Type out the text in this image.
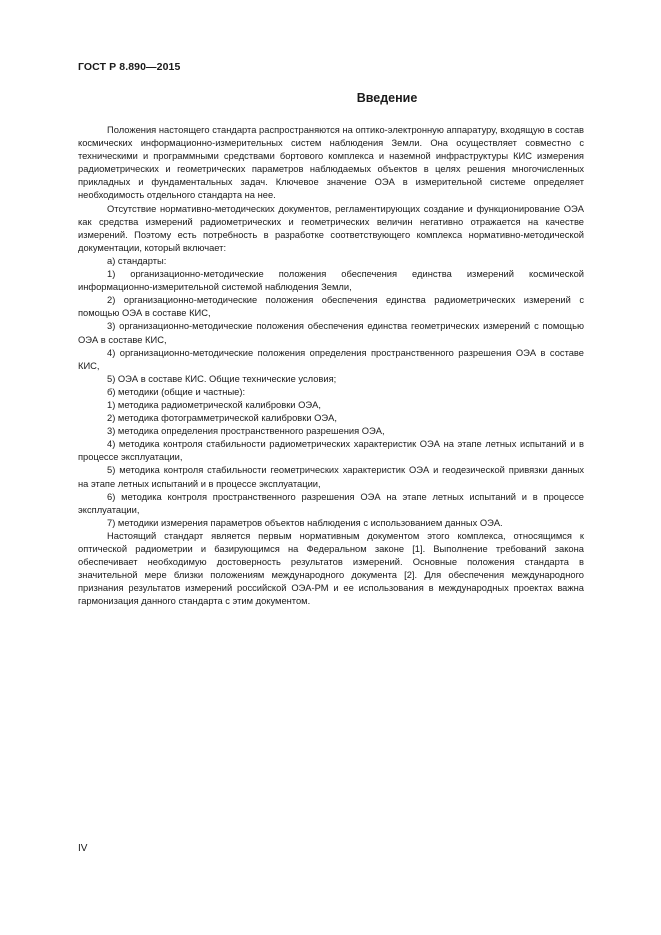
ГОСТ Р 8.890—2015
Введение

Положения настоящего стандарта распространяются на оптико-электронную аппаратуру, входящую в состав космических информационно-измерительных систем наблюдения Земли. Она осуществляет совместно с техническими и программными средствами бортового комплекса и наземной инфраструктуры КИС измерения радиометрических и геометрических параметров наблюдаемых объектов в целях решения многочисленных прикладных и фундаментальных задач. Ключевое значение ОЭА в измерительной системе определяет необходимость отдельного стандарта на нее.

Отсутствие нормативно-методических документов, регламентирующих создание и функционирование ОЭА как средства измерений радиометрических и геометрических величин негативно отражается на качестве измерений. Поэтому есть потребность в разработке соответствующего комплекса нормативно-методической документации, который включает:

а) стандарты:

1) организационно-методические положения обеспечения единства измерений космической информационно-измерительной системой наблюдения Земли,

2) организационно-методические положения обеспечения единства радиометрических измерений с помощью ОЭА в составе КИС,

3) организационно-методические положения обеспечения единства геометрических измерений с помощью ОЭА в составе КИС,

4) организационно-методические положения определения пространственного разрешения ОЭА в составе КИС,

5) ОЭА в составе КИС. Общие технические условия;

б) методики (общие и частные):

1) методика радиометрической калибровки ОЭА,

2) методика фотограмметрической калибровки ОЭА,

3) методика определения пространственного разрешения ОЭА,

4) методика контроля стабильности радиометрических характеристик ОЭА на этапе летных испытаний и в процессе эксплуатации,

5) методика контроля стабильности геометрических характеристик ОЭА и геодезической привязки данных на этапе летных испытаний и в процессе эксплуатации,

6) методика контроля пространственного разрешения ОЭА на этапе летных испытаний и в процессе эксплуатации,

7) методики измерения параметров объектов наблюдения с использованием данных ОЭА.

Настоящий стандарт является первым нормативным документом этого комплекса, относящимся к оптической радиометрии и базирующимся на Федеральном законе [1]. Выполнение требований закона обеспечивает необходимую достоверность результатов измерений. Основные положения стандарта в значительной мере близки положениям международного документа [2]. Для обеспечения международного признания результатов измерений российской ОЭА-РМ и ее использования в международных проектах важна гармонизация данного стандарта с этим документом.

IV
